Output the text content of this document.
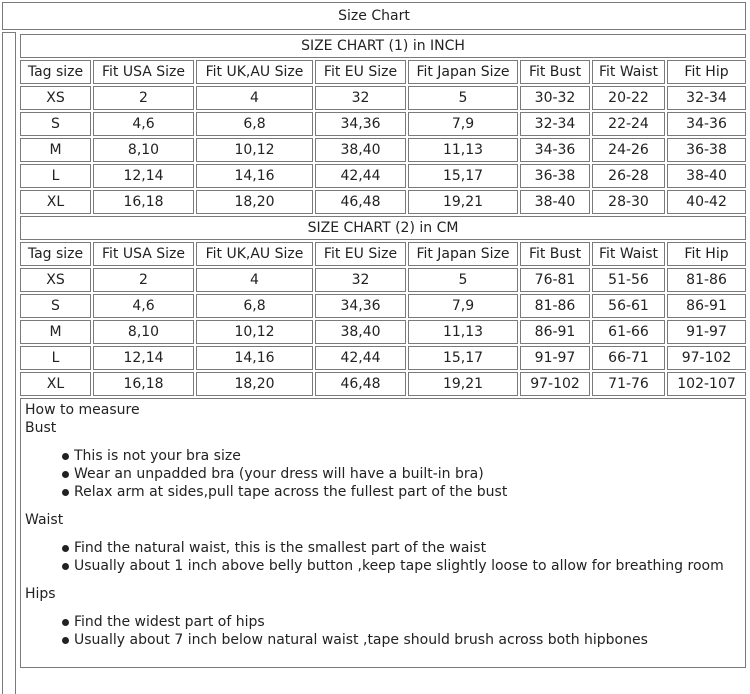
Size Chart
SIZE CHART (1) in INCH							
Tag size	Fit USA Size	Fit UK,AU Size	Fit EU Size	Fit Japan Size	Fit Bust	Fit Waist	Fit Hip
XS	2	4	32	5	30-32	20-22	32-34
S	4,6	6,8	34,36	7,9	32-34	22-24	34-36
M	8,10	10,12	38,40	11,13	34-36	24-26	36-38
L	12,14	14,16	42,44	15,17	36-38	26-28	38-40
XL	16,18	18,20	46,48	19,21	38-40	28-30	40-42
SIZE CHART (2) in CM							
Tag size	Fit USA Size	Fit UK,AU Size	Fit EU Size	Fit Japan Size	Fit Bust	Fit Waist	Fit Hip
XS	2	4	32	5	76-81	51-56	81-86
S	4,6	6,8	34,36	7,9	81-86	56-61	86-91
M	8,10	10,12	38,40	11,13	86-91	61-66	91-97
L	12,14	14,16	42,44	15,17	91-97	66-71	97-102
XL	16,18	18,20	46,48	19,21	97-102	71-76	102-107
How to measure
Bust
This is not your bra size
Wear an unpadded bra (your dress will have a built-in bra)
Relax arm at sides,pull tape across the fullest part of the bust
Waist
Find the natural waist, this is the smallest part of the waist
Usually about 1 inch above belly button ,keep tape slightly loose to allow for breathing room
Hips
Find the widest part of hips
Usually about 7 inch below natural waist ,tape should brush across both hipbones
